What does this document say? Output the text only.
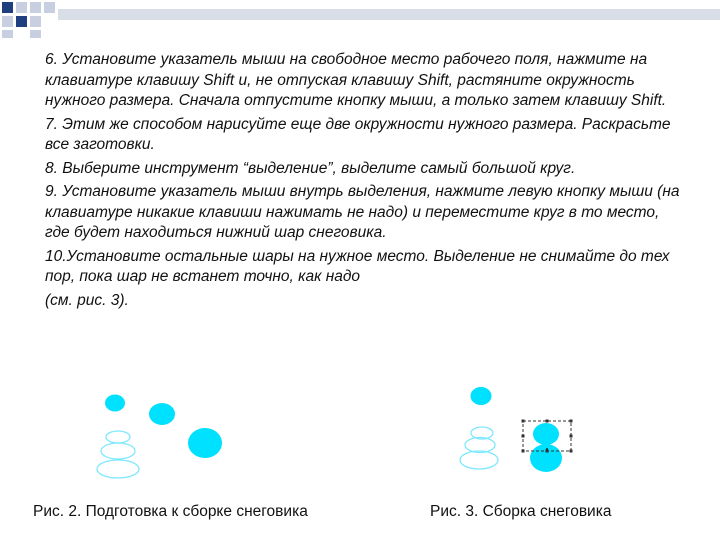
6. Установите указатель мыши на свободное место рабочего поля, нажмите на клавиатуре клавишу Shift и, не отпуская клавишу Shift, растяните окружность нужного размера. Сначала отпустите кнопку мыши, а только затем клавишу Shift.

7. Этим же способом нарисуйте еще две окружности нужного размера. Раскрасьте все заготовки.

8. Выберите инструмент “выделение”, выделите самый большой круг.

9. Установите указатель мыши внутрь выделения, нажмите левую кнопку мыши (на клавиатуре никакие клавиши нажимать не надо) и переместите круг в то место, где будет находиться нижний шар снеговика.

10.Установите остальные шары на нужное место. Выделение не снимайте до тех пор, пока шар не встанет точно, как надо

(см. рис. 3).

Рис. 2. Подготовка к сборке снеговика	Рис. 3. Сборка снеговика
